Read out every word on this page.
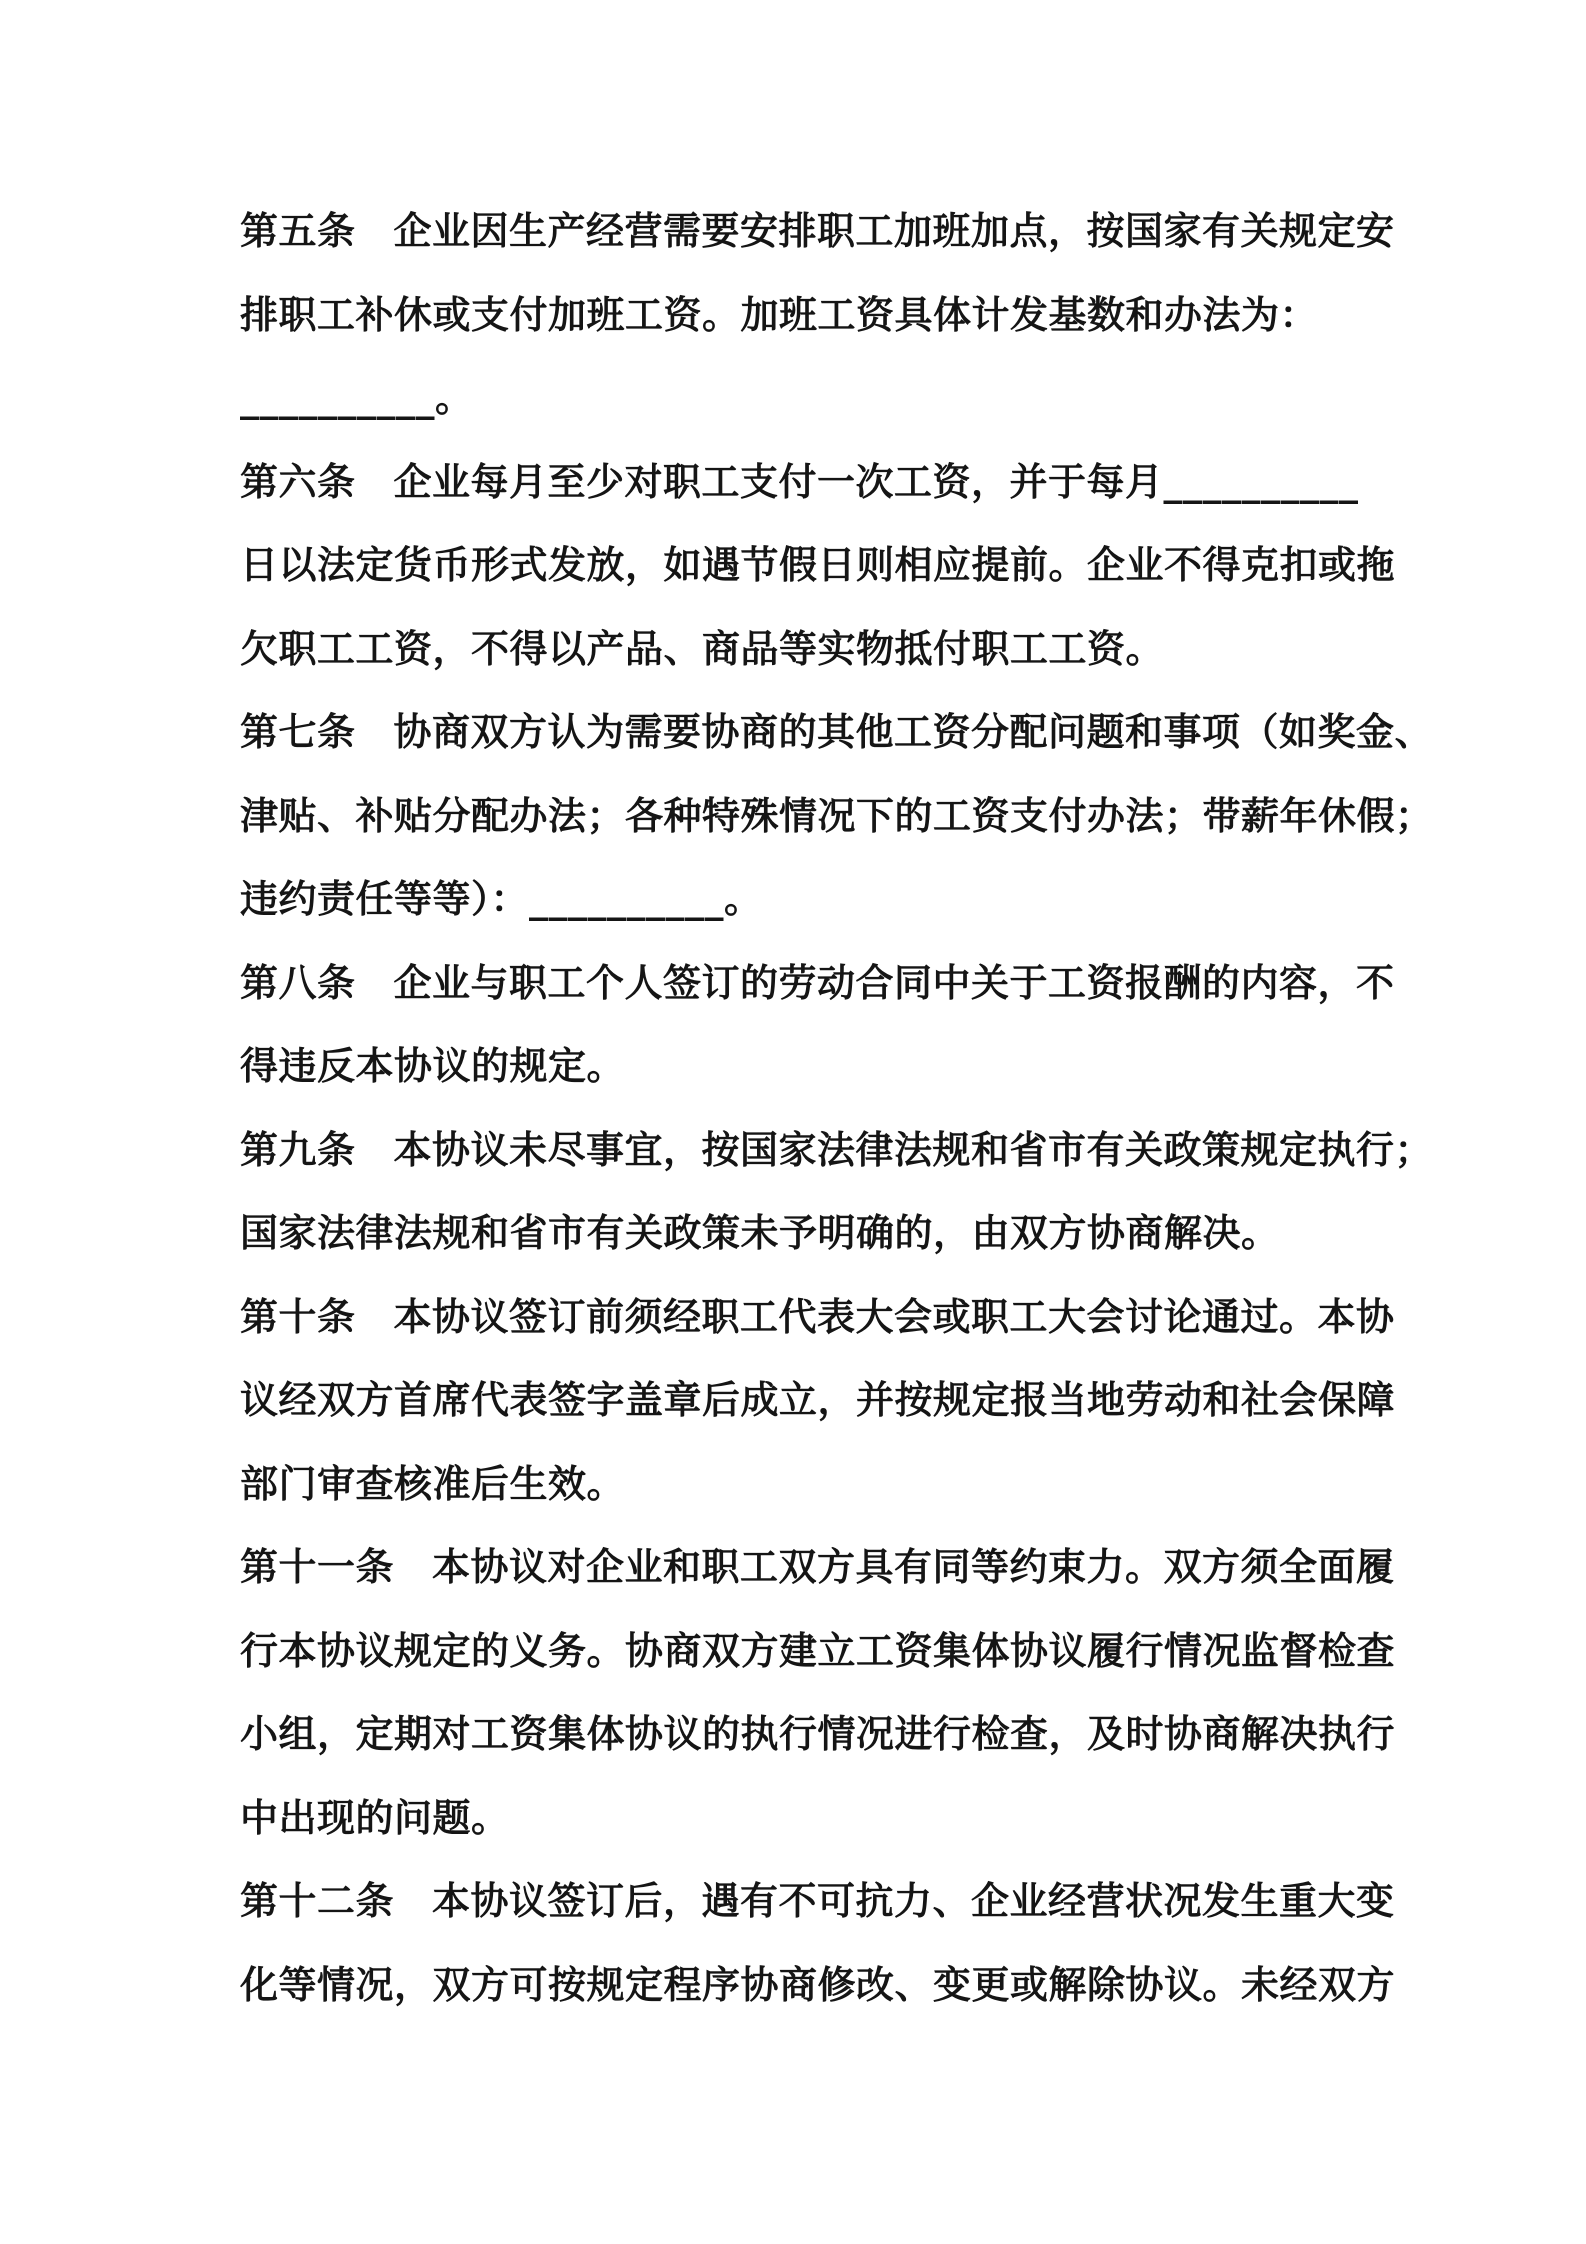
第五条 企业因生产经营需要安排职工加班加点，按国家有关规定安
排职工补休或支付加班工资。加班工资具体计发基数和办法为：
__________。
第六条 企业每月至少对职工支付一次工资，并于每月__________
日以法定货币形式发放，如遇节假日则相应提前。企业不得克扣或拖
欠职工工资，不得以产品、商品等实物抵付职工工资。
第七条 协商双方认为需要协商的其他工资分配问题和事项（如奖金、
津贴、补贴分配办法；各种特殊情况下的工资支付办法；带薪年休假；
违约责任等等）：__________。
第八条 企业与职工个人签订的劳动合同中关于工资报酬的内容，不
得违反本协议的规定。
第九条 本协议未尽事宜，按国家法律法规和省市有关政策规定执行；
国家法律法规和省市有关政策未予明确的，由双方协商解决。
第十条 本协议签订前须经职工代表大会或职工大会讨论通过。本协
议经双方首席代表签字盖章后成立，并按规定报当地劳动和社会保障
部门审查核准后生效。
第十一条 本协议对企业和职工双方具有同等约束力。双方须全面履
行本协议规定的义务。协商双方建立工资集体协议履行情况监督检查
小组，定期对工资集体协议的执行情况进行检查，及时协商解决执行
中出现的问题。
第十二条 本协议签订后，遇有不可抗力、企业经营状况发生重大变
化等情况，双方可按规定程序协商修改、变更或解除协议。未经双方
